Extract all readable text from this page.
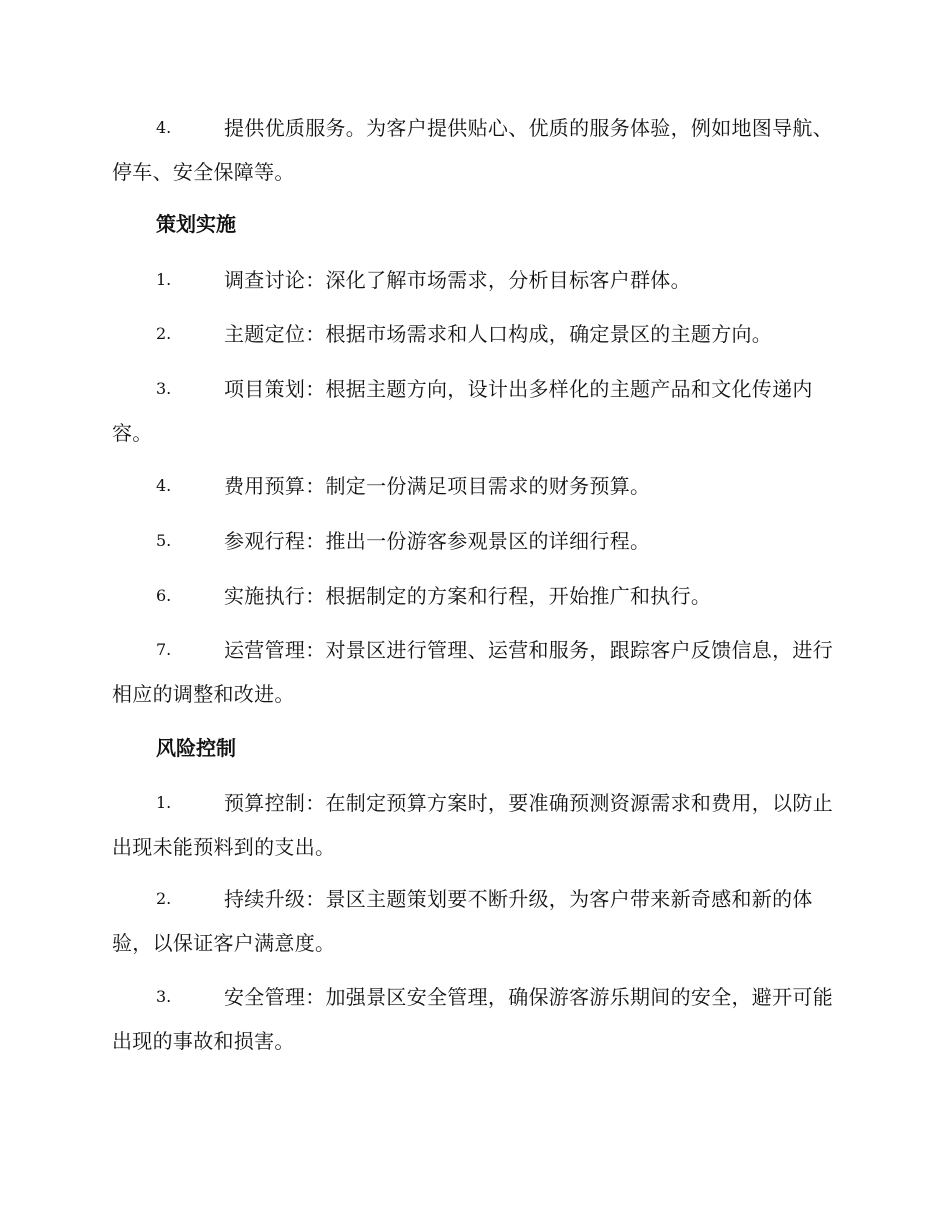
4.	提供优质服务。为客户提供贴心、优质的服务体验，例如地图导航、停车、安全保障等。
策划实施
1.	调查讨论：深化了解市场需求，分析目标客户群体。
2.	主题定位：根据市场需求和人口构成，确定景区的主题方向。
3.	项目策划：根据主题方向，设计出多样化的主题产品和文化传递内容。
4.	费用预算：制定一份满足项目需求的财务预算。
5.	参观行程：推出一份游客参观景区的详细行程。
6.	实施执行：根据制定的方案和行程，开始推广和执行。
7.	运营管理：对景区进行管理、运营和服务，跟踪客户反馈信息，进行相应的调整和改进。
风险控制
1.	预算控制：在制定预算方案时，要准确预测资源需求和费用，以防止出现未能预料到的支出。
2.	持续升级：景区主题策划要不断升级，为客户带来新奇感和新的体验，以保证客户满意度。
3.	安全管理：加强景区安全管理，确保游客游乐期间的安全，避开可能出现的事故和损害。
